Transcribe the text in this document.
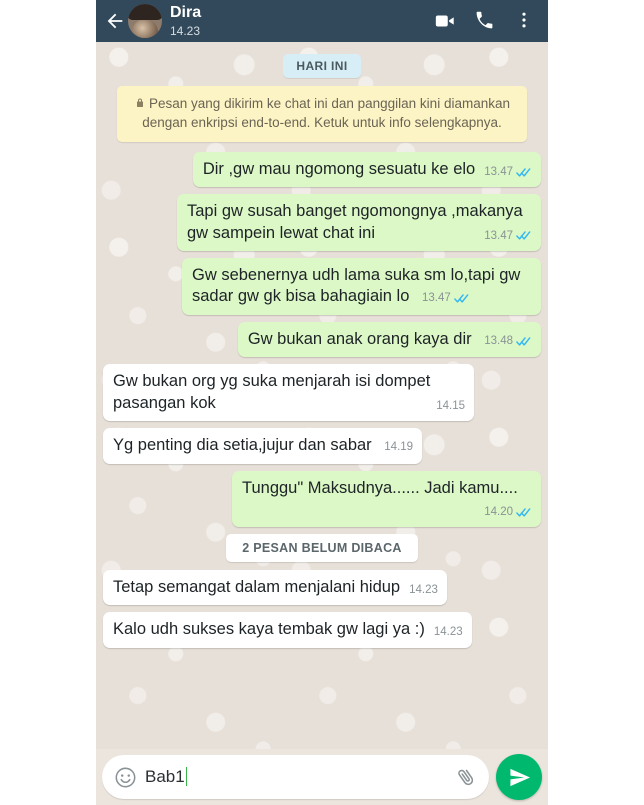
Dira
14.23
HARI INI
Pesan yang dikirim ke chat ini dan panggilan kini diamankan dengan enkripsi end-to-end. Ketuk untuk info selengkapnya.
Dir ,gw mau ngomong sesuatu ke elo 13.47
Tapi gw susah banget ngomongnya ,makanya gw sampein lewat chat ini	13.47
Gw sebenernya udh lama suka sm lo,tapi gw sadar gw gk bisa bahagiain lo 13.47
Gw bukan anak orang kaya dir 13.48
Gw bukan org yg suka menjarah isi dompet pasangan kok	14.15
Yg penting dia setia,jujur dan sabar 14.19
Tunggu" Maksudnya...... Jadi kamu....
14.20
2 PESAN BELUM DIBACA
Tetap semangat dalam menjalani hidup 14.23
Kalo udh sukses kaya tembak gw lagi ya :) 14.23
Bab1
